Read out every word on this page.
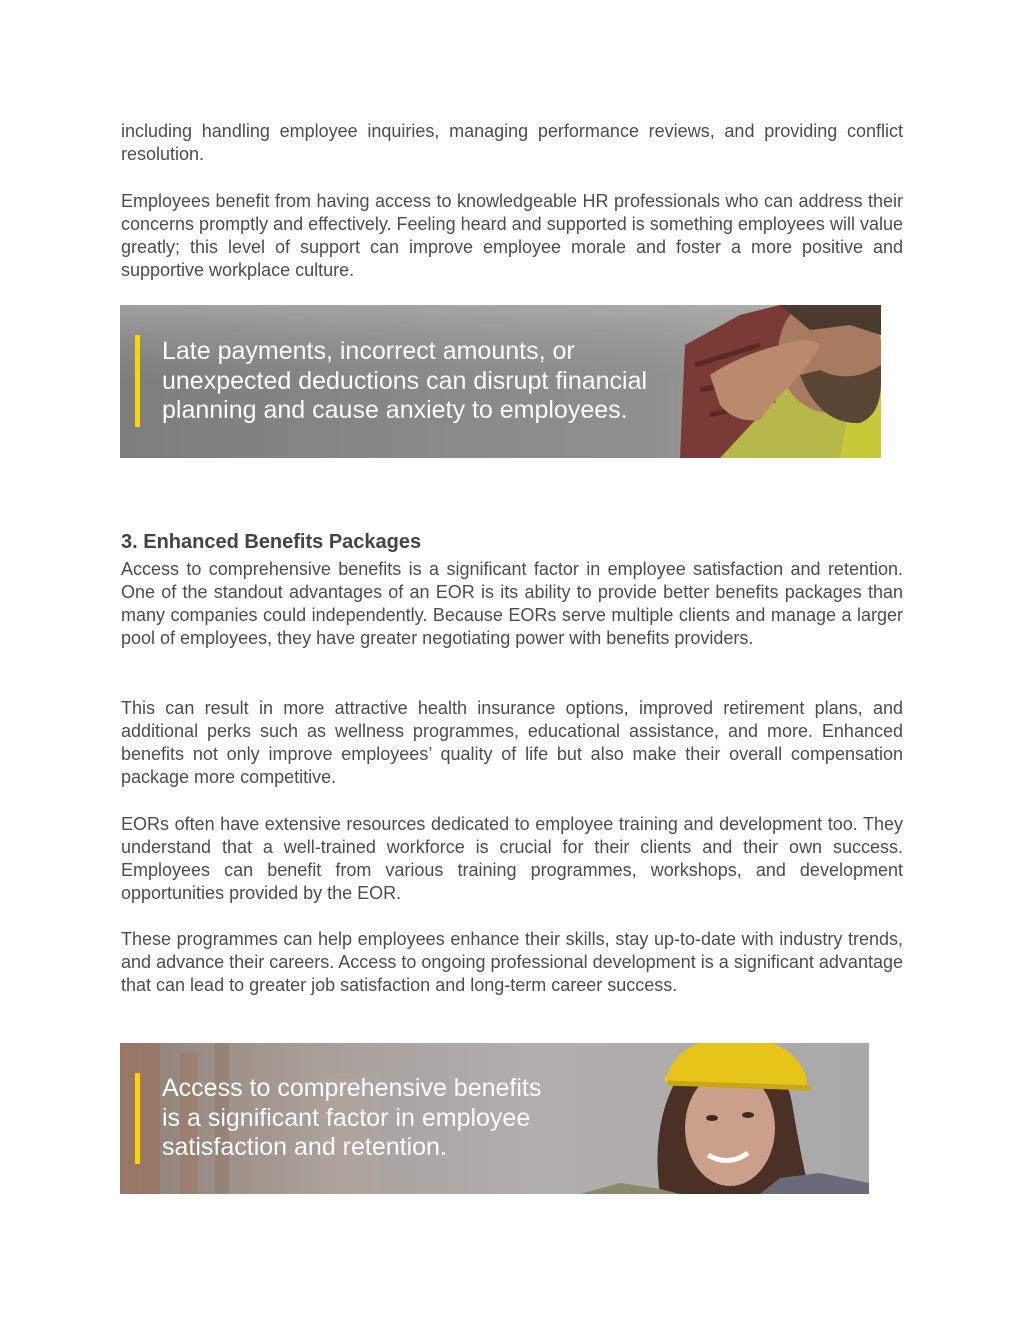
including handling employee inquiries, managing performance reviews, and providing conflict resolution.

Employees benefit from having access to knowledgeable HR professionals who can address their concerns promptly and effectively. Feeling heard and supported is something employees will value greatly; this level of support can improve employee morale and foster a more positive and supportive workplace culture.

Late payments, incorrect amounts, or

unexpected deductions can disrupt financial

planning and cause anxiety to employees.

3. Enhanced Benefits Packages

Access to comprehensive benefits is a significant factor in employee satisfaction and retention. One of the standout advantages of an EOR is its ability to provide better benefits packages than many companies could independently. Because EORs serve multiple clients and manage a larger pool of employees, they have greater negotiating power with benefits providers.

This can result in more attractive health insurance options, improved retirement plans, and additional perks such as wellness programmes, educational assistance, and more. Enhanced benefits not only improve employees’ quality of life but also make their overall compensation package more competitive.

EORs often have extensive resources dedicated to employee training and development too. They understand that a well-trained workforce is crucial for their clients and their own success. Employees can benefit from various training programmes, workshops, and development opportunities provided by the EOR.

These programmes can help employees enhance their skills, stay up-to-date with industry trends, and advance their careers. Access to ongoing professional development is a significant advantage that can lead to greater job satisfaction and long-term career success.

Access to comprehensive benefits

is a significant factor in employee

satisfaction and retention.
